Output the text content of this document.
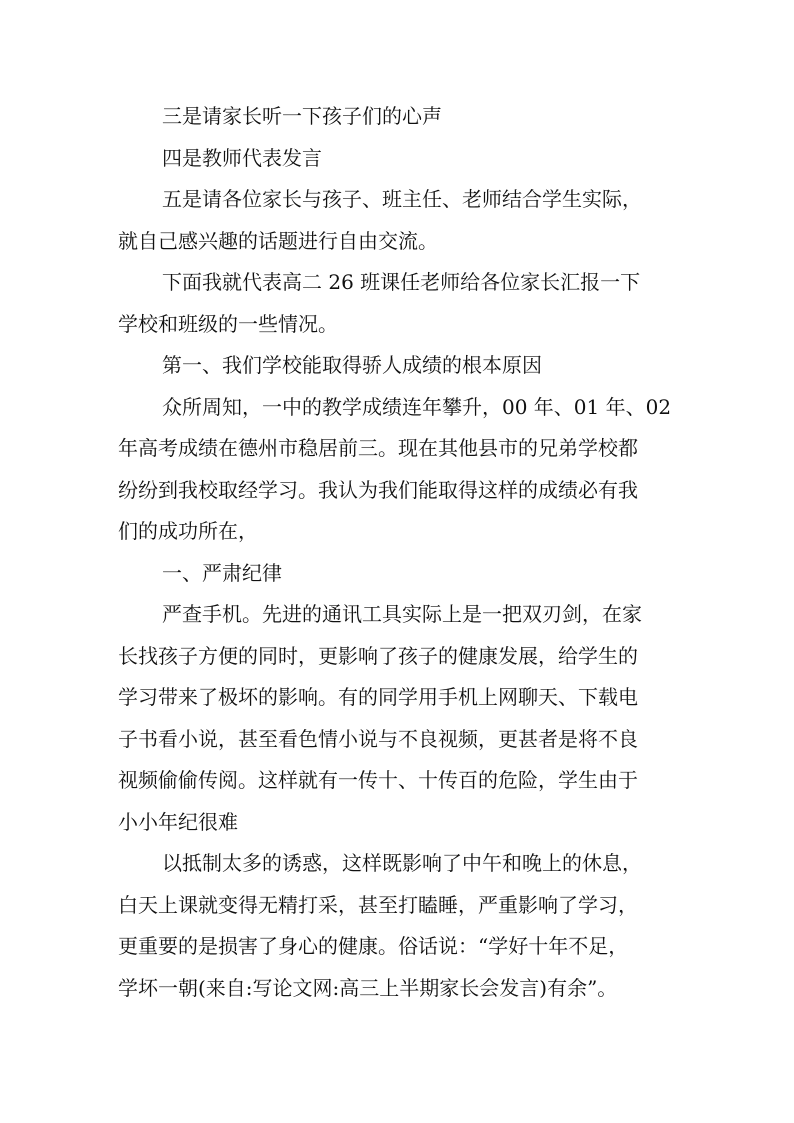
三是请家长听一下孩子们的心声
四是教师代表发言
五是请各位家长与孩子、班主任、老师结合学生实际，
就自己感兴趣的话题进行自由交流。
下面我就代表高二 26 班课任老师给各位家长汇报一下
学校和班级的一些情况。
第一、我们学校能取得骄人成绩的根本原因
众所周知，一中的教学成绩连年攀升，00 年、01 年、02
年高考成绩在德州市稳居前三。现在其他县市的兄弟学校都
纷纷到我校取经学习。我认为我们能取得这样的成绩必有我
们的成功所在，
一、严肃纪律
严查手机。先进的通讯工具实际上是一把双刃剑，在家
长找孩子方便的同时，更影响了孩子的健康发展，给学生的
学习带来了极坏的影响。有的同学用手机上网聊天、下载电
子书看小说，甚至看色情小说与不良视频，更甚者是将不良
视频偷偷传阅。这样就有一传十、十传百的危险，学生由于
小小年纪很难
以抵制太多的诱惑，这样既影响了中午和晚上的休息，
白天上课就变得无精打采，甚至打瞌睡，严重影响了学习，
更重要的是损害了身心的健康。俗话说：“学好十年不足，
学坏一朝(来自:写论文网:高三上半期家长会发言)有余”。
